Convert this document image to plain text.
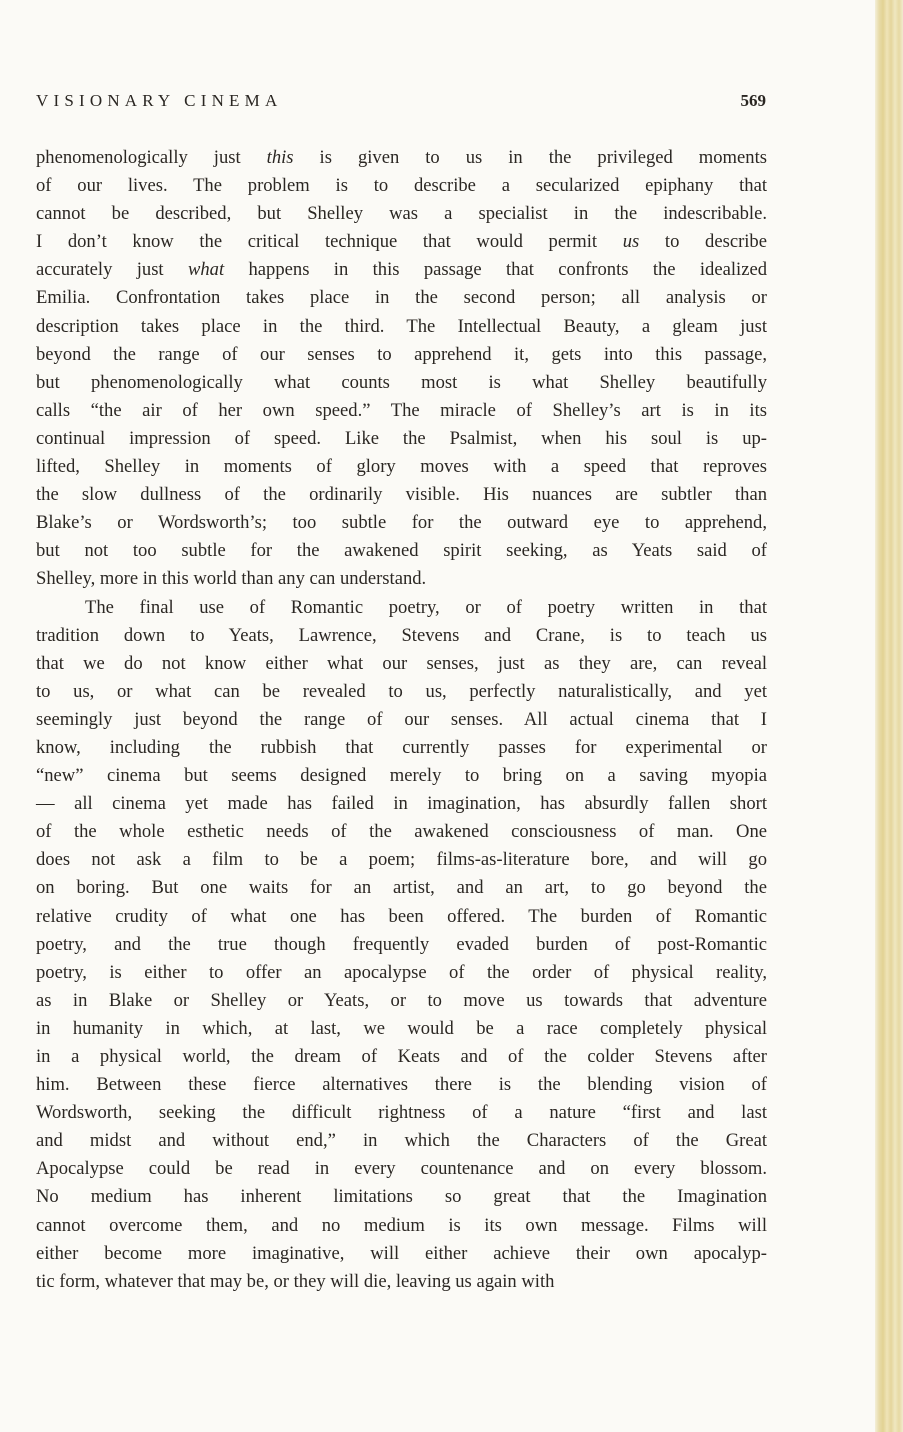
VISIONARY CINEMA	569
phenomenologically just this is given to us in the privileged moments
of our lives. The problem is to describe a secularized epiphany that
cannot be described, but Shelley was a specialist in the indescribable.
I don’t know the critical technique that would permit us to describe
accurately just what happens in this passage that confronts the idealized
Emilia. Confrontation takes place in the second person; all analysis or
description takes place in the third. The Intellectual Beauty, a gleam just
beyond the range of our senses to apprehend it, gets into this passage,
but phenomenologically what counts most is what Shelley beautifully
calls “the air of her own speed.” The miracle of Shelley’s art is in its
continual impression of speed. Like the Psalmist, when his soul is up-
lifted, Shelley in moments of glory moves with a speed that reproves
the slow dullness of the ordinarily visible. His nuances are subtler than
Blake’s or Wordsworth’s; too subtle for the outward eye to apprehend,
but not too subtle for the awakened spirit seeking, as Yeats said of
Shelley, more in this world than any can understand.
The final use of Romantic poetry, or of poetry written in that
tradition down to Yeats, Lawrence, Stevens and Crane, is to teach us
that we do not know either what our senses, just as they are, can reveal
to us, or what can be revealed to us, perfectly naturalistically, and yet
seemingly just beyond the range of our senses. All actual cinema that I
know, including the rubbish that currently passes for experimental or
“new” cinema but seems designed merely to bring on a saving myopia
— all cinema yet made has failed in imagination, has absurdly fallen short
of the whole esthetic needs of the awakened consciousness of man. One
does not ask a film to be a poem; films-as-literature bore, and will go
on boring. But one waits for an artist, and an art, to go beyond the
relative crudity of what one has been offered. The burden of Romantic
poetry, and the true though frequently evaded burden of post-Romantic
poetry, is either to offer an apocalypse of the order of physical reality,
as in Blake or Shelley or Yeats, or to move us towards that adventure
in humanity in which, at last, we would be a race completely physical
in a physical world, the dream of Keats and of the colder Stevens after
him. Between these fierce alternatives there is the blending vision of
Wordsworth, seeking the difficult rightness of a nature “first and last
and midst and without end,” in which the Characters of the Great
Apocalypse could be read in every countenance and on every blossom.
No medium has inherent limitations so great that the Imagination
cannot overcome them, and no medium is its own message. Films will
either become more imaginative, will either achieve their own apocalyp-
tic form, whatever that may be, or they will die, leaving us again with
